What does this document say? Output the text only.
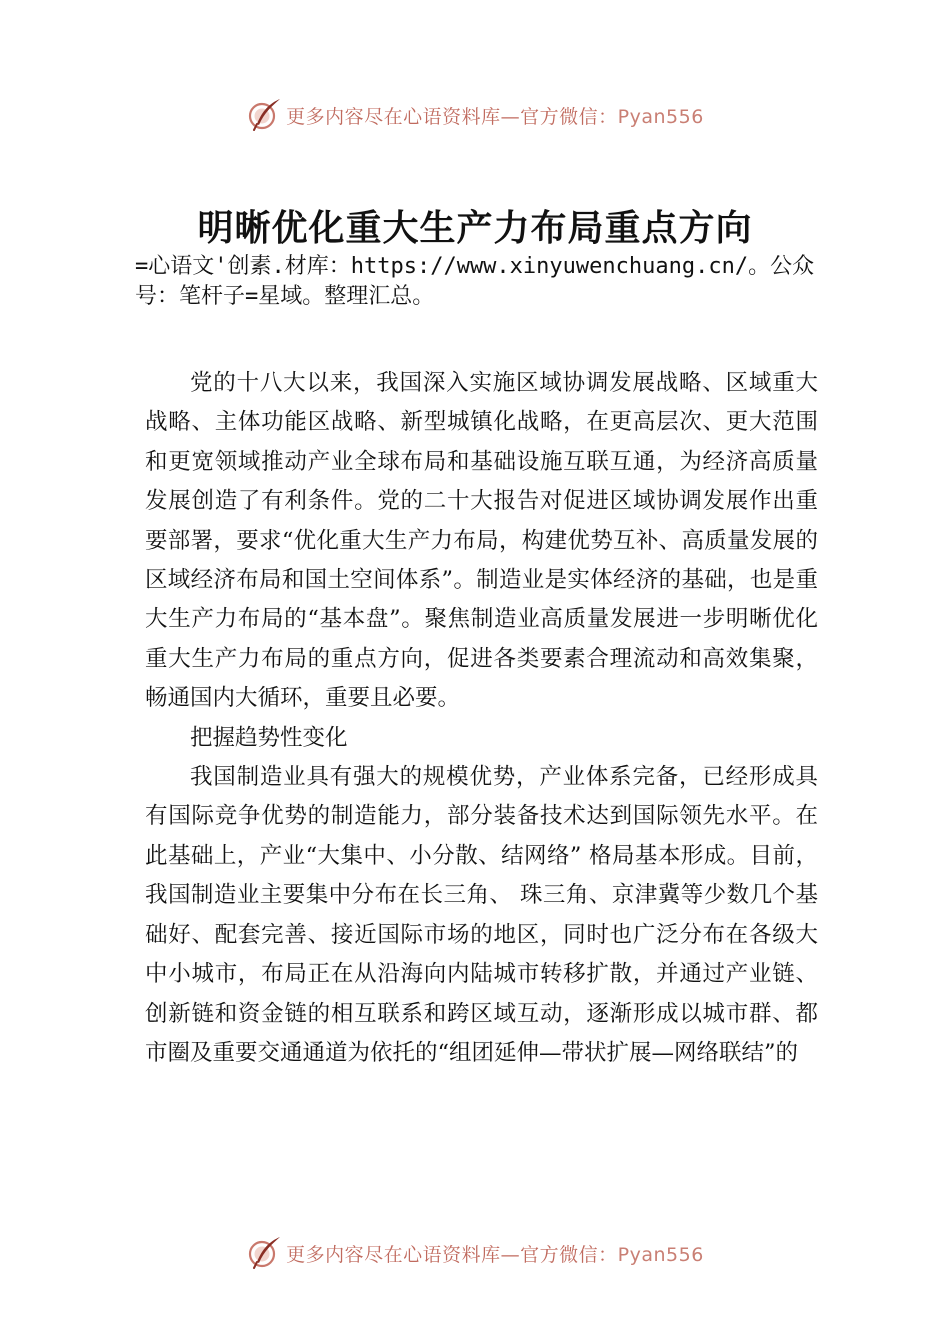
更多内容尽在心语资料库—官方微信：Pyan556
明晰优化重大生产力布局重点方向

=心语文'创素.材库：https://www.xinyuwenchuang.cn/。公众号：笔杆子=星域。整理汇总。

党的十八大以来，我国深入实施区域协调发展战略、区域重大战略、主体功能区战略、新型城镇化战略，在更高层次、更大范围和更宽领域推动产业全球布局和基础设施互联互通，为经济高质量发展创造了有利条件。党的二十大报告对促进区域协调发展作出重要部署，要求“优化重大生产力布局，构建优势互补、高质量发展的区域经济布局和国土空间体系”。制造业是实体经济的基础，也是重大生产力布局的“基本盘”。聚焦制造业高质量发展进一步明晰优化重大生产力布局的重点方向，促进各类要素合理流动和高效集聚， 畅通国内大循环，重要且必要。

把握趋势性变化

我国制造业具有强大的规模优势，产业体系完备，已经形成具有国际竞争优势的制造能力，部分装备技术达到国际领先水平。在此基础上，产业“大集中、小分散、结网络” 格局基本形成。目前，我国制造业主要集中分布在长三角、 珠三角、京津冀等少数几个基础好、配套完善、接近国际市场的地区，同时也广泛分布在各级大中小城市，布局正在从沿海向内陆城市转移扩散，并通过产业链、创新链和资金链的相互联系和跨区域互动，逐渐形成以城市群、都市圈及重要交通通道为依托的“组团延伸—带状扩展—网络联结”的

更多内容尽在心语资料库—官方微信：Pyan556
